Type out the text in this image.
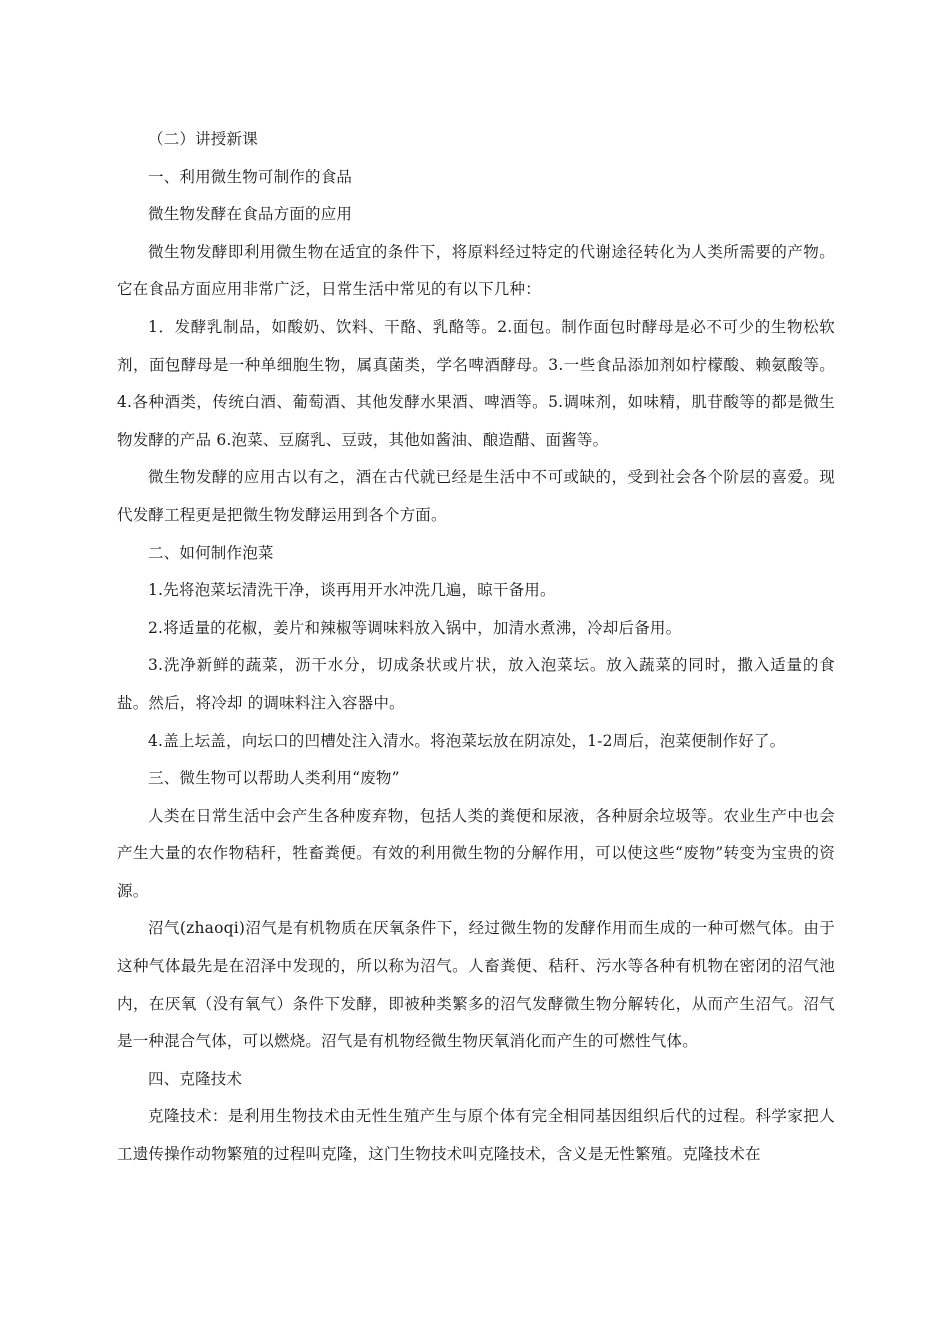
（二）讲授新课

一、利用微生物可制作的食品

微生物发酵在食品方面的应用

微生物发酵即利用微生物在适宜的条件下，将原料经过特定的代谢途径转化为人类所需要的产物。它在食品方面应用非常广泛，日常生活中常见的有以下几种：

1．发酵乳制品，如酸奶、饮料、干酪、乳酪等。2.面包。制作面包时酵母是必不可少的生物松软剂，面包酵母是一种单细胞生物，属真菌类，学名啤酒酵母。3.一些食品添加剂如柠檬酸、赖氨酸等。4.各种酒类，传统白酒、葡萄酒、其他发酵水果酒、啤酒等。5.调味剂，如味精，肌苷酸等的都是微生物发酵的产品 6.泡菜、豆腐乳、豆豉，其他如酱油、酿造醋、面酱等。

微生物发酵的应用古以有之，酒在古代就已经是生活中不可或缺的，受到社会各个阶层的喜爱。现代发酵工程更是把微生物发酵运用到各个方面。

二、如何制作泡菜

1.先将泡菜坛清洗干净，谈再用开水冲洗几遍，晾干备用。

2.将适量的花椒，姜片和辣椒等调味料放入锅中，加清水煮沸，冷却后备用。

3.洗净新鲜的蔬菜，沥干水分，切成条状或片状，放入泡菜坛。放入蔬菜的同时，撒入适量的食盐。然后，将冷却 的调味料注入容器中。

4.盖上坛盖，向坛口的凹槽处注入清水。将泡菜坛放在阴凉处，1-2周后，泡菜便制作好了。

三、微生物可以帮助人类利用“废物”

人类在日常生活中会产生各种废弃物，包括人类的粪便和尿液，各种厨余垃圾等。农业生产中也会产生大量的农作物秸秆，牲畜粪便。有效的利用微生物的分解作用，可以使这些“废物”转变为宝贵的资源。

沼气(zhaoqi)沼气是有机物质在厌氧条件下，经过微生物的发酵作用而生成的一种可燃气体。由于这种气体最先是在沼泽中发现的，所以称为沼气。人畜粪便、秸秆、污水等各种有机物在密闭的沼气池内，在厌氧（没有氧气）条件下发酵，即被种类繁多的沼气发酵微生物分解转化，从而产生沼气。沼气是一种混合气体，可以燃烧。沼气是有机物经微生物厌氧消化而产生的可燃性气体。

四、克隆技术

克隆技术：是利用生物技术由无性生殖产生与原个体有完全相同基因组织后代的过程。科学家把人工遗传操作动物繁殖的过程叫克隆，这门生物技术叫克隆技术，含义是无性繁殖。克隆技术在
